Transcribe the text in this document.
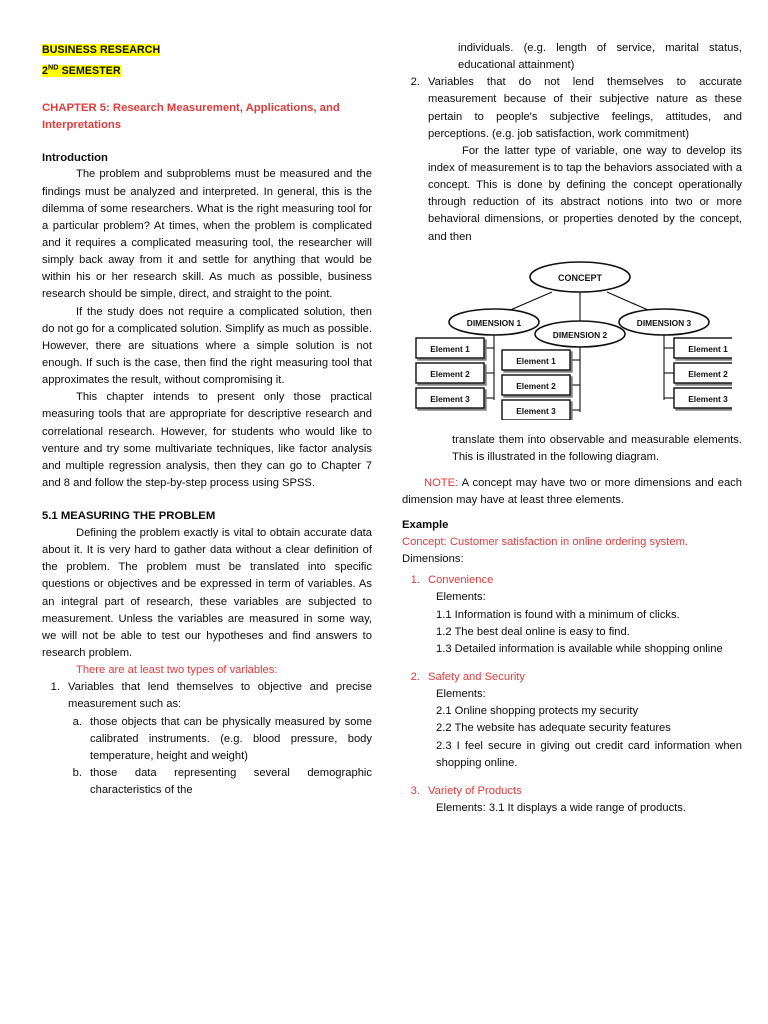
BUSINESS RESEARCH
2ND SEMESTER
CHAPTER 5: Research Measurement, Applications, and Interpretations
Introduction

The problem and subproblems must be measured and the findings must be analyzed and interpreted. In general, this is the dilemma of some researchers. What is the right measuring tool for a particular problem? At times, when the problem is complicated and it requires a complicated measuring tool, the researcher will simply back away from it and settle for anything that would be within his or her research skill. As much as possible, business research should be simple, direct, and straight to the point.

If the study does not require a complicated solution, then do not go for a complicated solution. Simplify as much as possible. However, there are situations where a simple solution is not enough. If such is the case, then find the right measuring tool that approximates the result, without compromising it.

This chapter intends to present only those practical measuring tools that are appropriate for descriptive research and correlational research. However, for students who would like to venture and try some multivariate techniques, like factor analysis and multiple regression analysis, then they can go to Chapter 7 and 8 and follow the step-by-step process using SPSS.

5.1 MEASURING THE PROBLEM

Defining the problem exactly is vital to obtain accurate data about it. It is very hard to gather data without a clear definition of the problem. The problem must be translated into specific questions or objectives and be expressed in term of variables. As an integral part of research, these variables are subjected to measurement. Unless the variables are measured in some way, we will not be able to test our hypotheses and find answers to research problem.

There are at least two types of variables:

1. Variables that lend themselves to objective and precise measurement such as:
a. those objects that can be physically measured by some calibrated instruments. (e.g. blood pressure, body temperature, height and weight)
b. those data representing several demographic characteristics of the
individuals. (e.g. length of service, marital status, educational attainment)
2. Variables that do not lend themselves to accurate measurement because of their subjective nature as these pertain to people's subjective feelings, attitudes, and perceptions. (e.g. job satisfaction, work commitment)

For the latter type of variable, one way to develop its index of measurement is to tap the behaviors associated with a concept. This is done by defining the concept operationally through reduction of its abstract notions into two or more behavioral dimensions, or properties denoted by the concept, and then

CONCEPT
DIMENSION 1
DIMENSION 2
DIMENSION 3
Element 1
Element 2
Element 3
Element 1
Element 2
Element 3
Element 1
Element 2
Element 3

translate them into observable and measurable elements. This is illustrated in the following diagram.

NOTE: A concept may have two or more dimensions and each dimension may have at least three elements.

Example

Concept: Customer satisfaction in online ordering system.

Dimensions:

1. Convenience
Elements:
1.1 Information is found with a minimum of clicks.
1.2 The best deal online is easy to find.
1.3 Detailed information is available while shopping online
2. Safety and Security
Elements:
2.1 Online shopping protects my security
2.2 The website has adequate security features
2.3 I feel secure in giving out credit card information when shopping online.
3. Variety of Products
Elements: 3.1 It displays a wide range of products.
